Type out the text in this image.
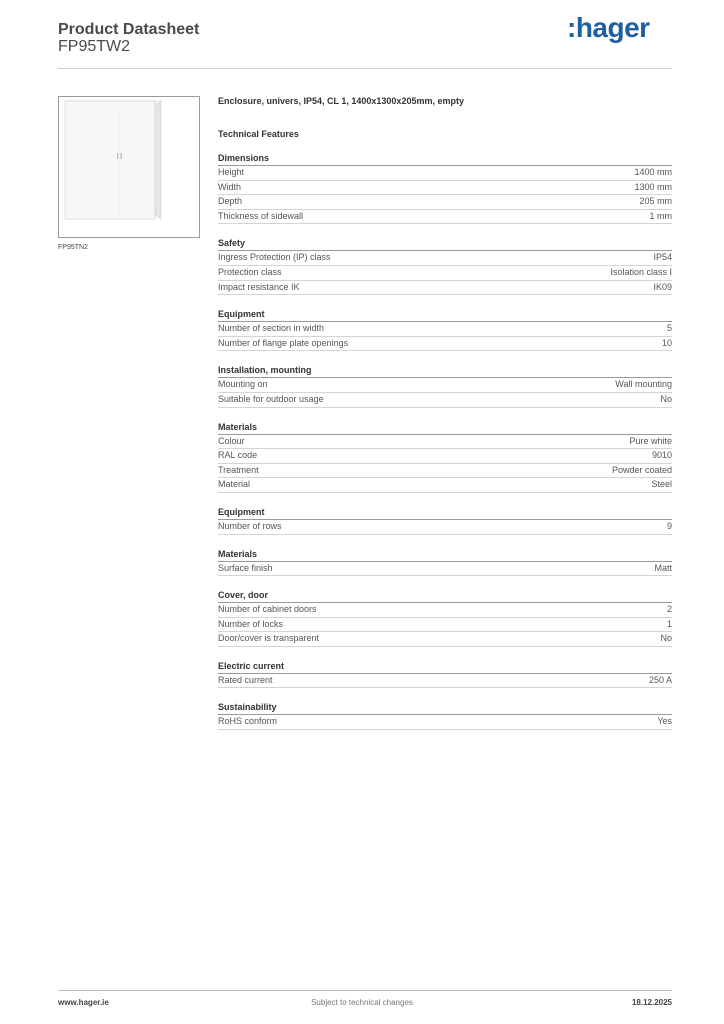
Product Datasheet
FP95TW2
:hager
FP95TN2
Enclosure, univers, IP54, CL 1, 1400x1300x205mm, empty
Technical Features
Dimensions
Height	1400 mm
Width	1300 mm
Depth	205 mm
Thickness of sidewall	1 mm
Safety
Ingress Protection (IP) class	IP54
Protection class	Isolation class I
Impact resistance IK	IK09
Equipment
Number of section in width	5
Number of flange plate openings	10
Installation, mounting
Mounting on	Wall mounting
Suitable for outdoor usage	No
Materials
Colour	Pure white
RAL code	9010
Treatment	Powder coated
Material	Steel
Equipment
Number of rows	9
Materials
Surface finish	Matt
Cover, door
Number of cabinet doors	2
Number of locks	1
Door/cover is transparent	No
Electric current
Rated current	250 A
Sustainability
RoHS conform	Yes
www.hager.ie	Subject to technical changes	18.12.2025
